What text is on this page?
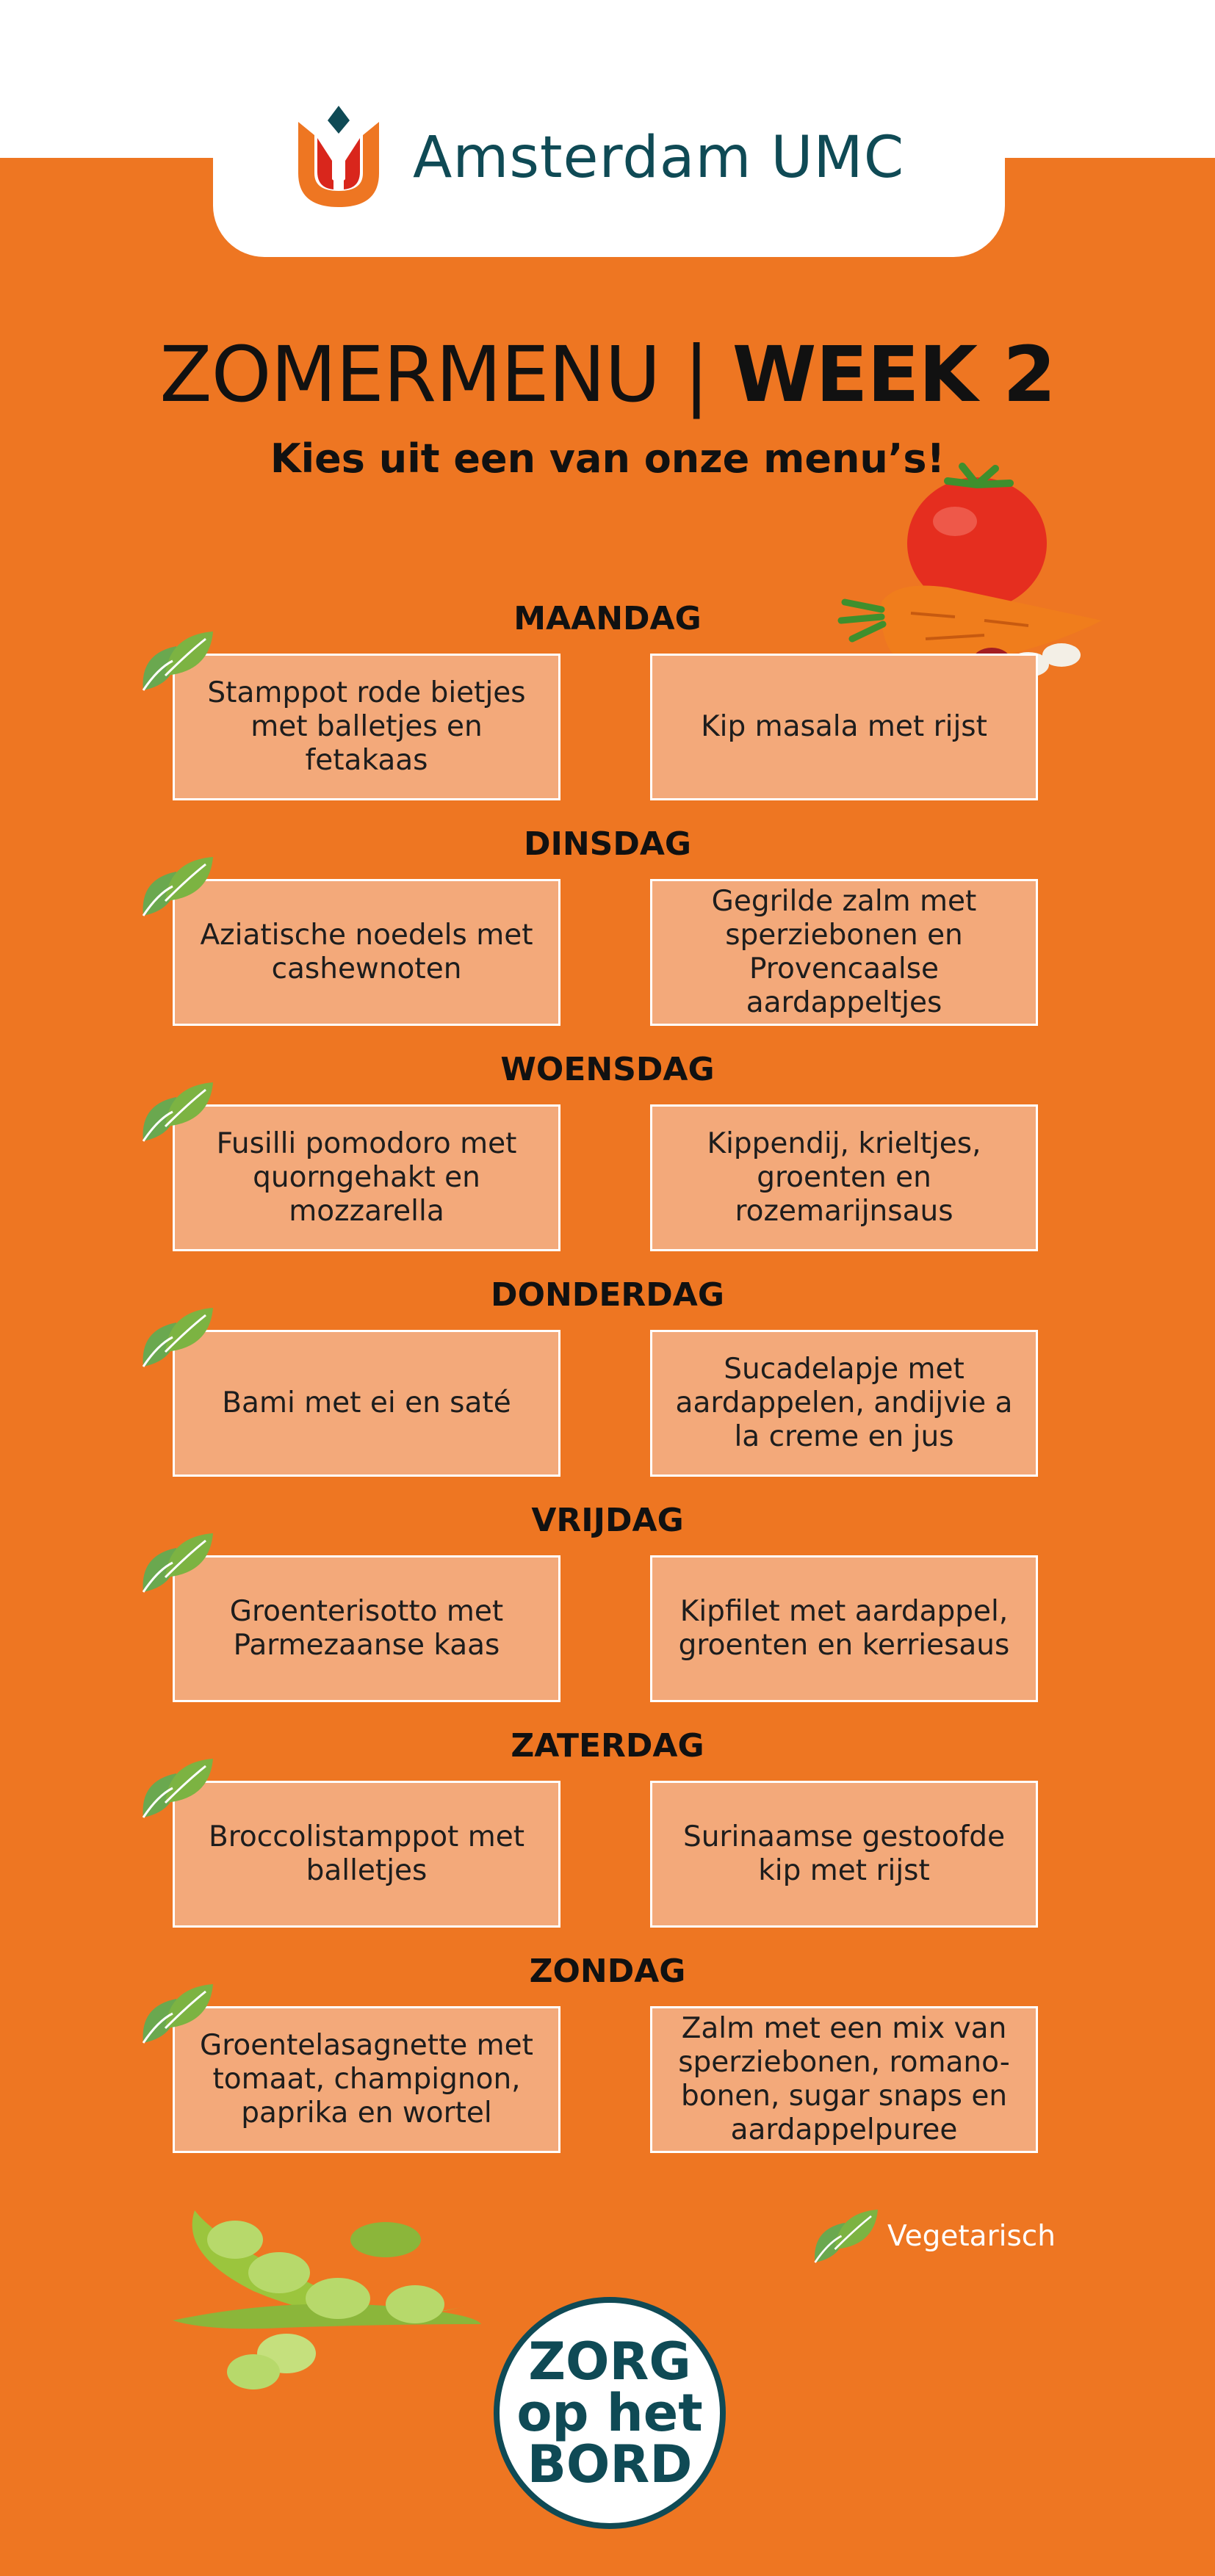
Amsterdam UMC
ZOMERMENU | WEEK 2
Kies uit een van onze menu’s!
MAANDAG
Stamppot rode bietjes met balletjes en fetakaas
Kip masala met rijst
DINSDAG
Aziatische noedels met cashewnoten
Gegrilde zalm met sperziebonen en Provencaalse aardappeltjes
WOENSDAG
Fusilli pomodoro met quorngehakt en mozzarella
Kippendij, krieltjes, groenten en rozemarijnsaus
DONDERDAG
Bami met ei en saté
Sucadelapje met aardappelen, andijvie a la creme en jus
VRIJDAG
Groenterisotto met Parmezaanse kaas
Kipfilet met aardappel, groenten en kerriesaus
ZATERDAG
Broccolistamppot met balletjes
Surinaamse gestoofde kip met rijst
ZONDAG
Groentelasagnette met tomaat, champignon, paprika en wortel
Zalm met een mix van sperziebonen, romano-bonen, sugar snaps en aardappelpuree
Vegetarisch
ZORG
op het
BORD
